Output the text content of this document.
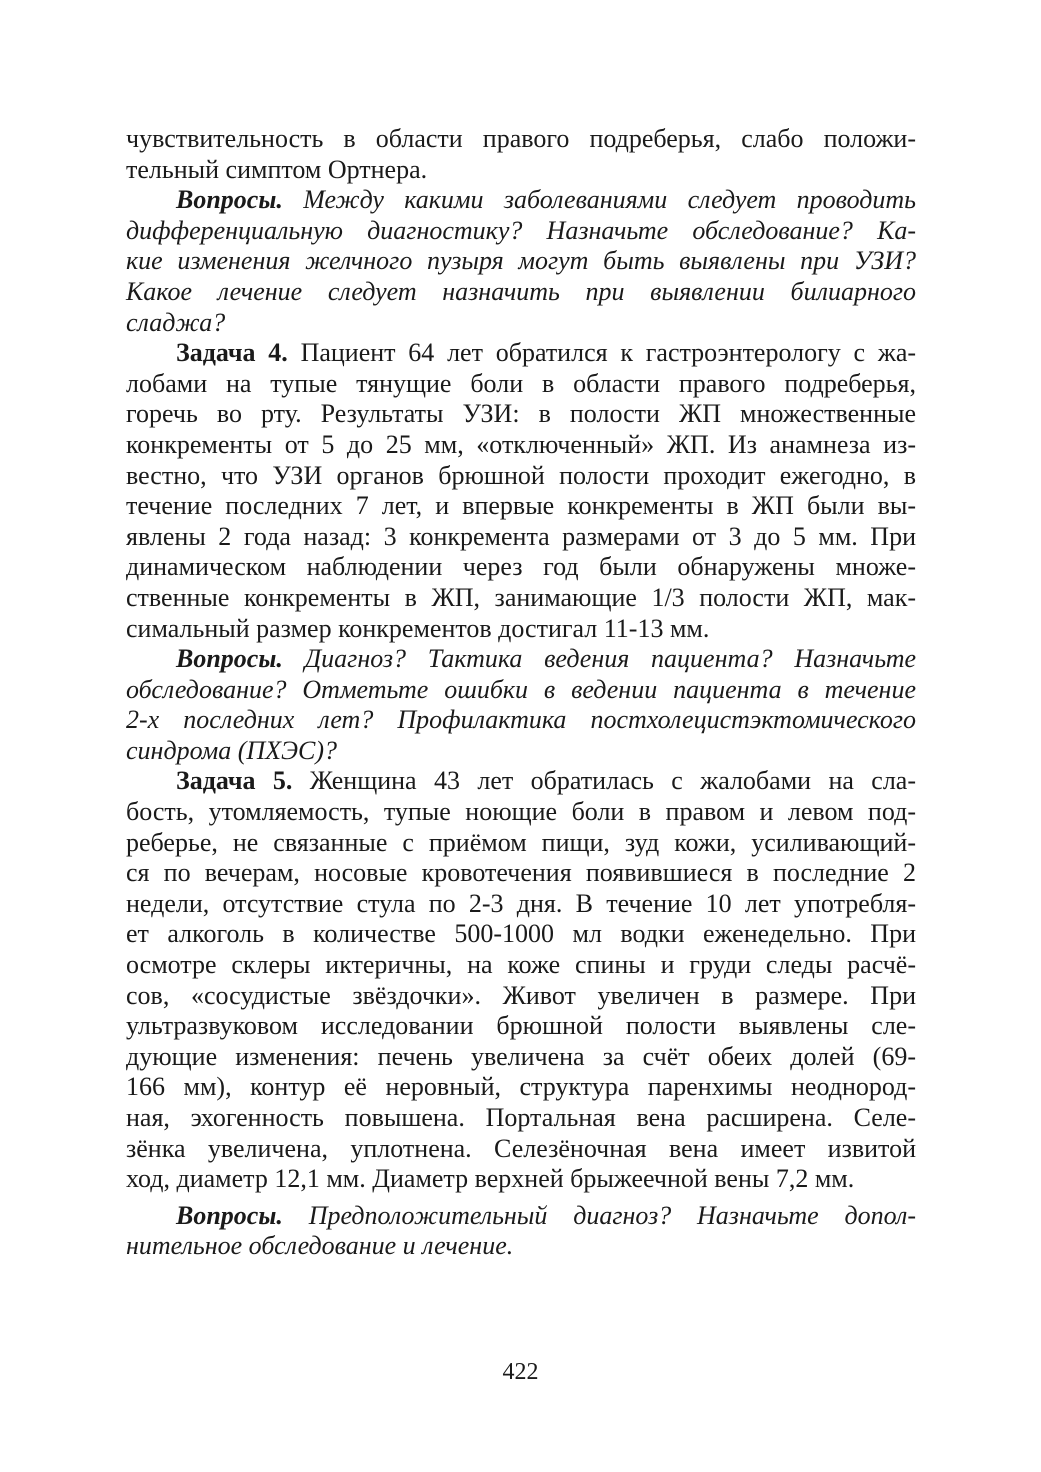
чувствительность в области правого подреберья, слабо положи-
тельный симптом Ортнера.
Вопросы. Между какими заболеваниями следует проводить
дифференциальную диагностику? Назначьте обследование? Ка-
кие изменения желчного пузыря могут быть выявлены при УЗИ?
Какое лечение следует назначить при выявлении билиарного
сладжа?
Задача 4. Пациент 64 лет обратился к гастроэнтерологу с жа-
лобами на тупые тянущие боли в области правого подреберья,
горечь во рту. Результаты УЗИ: в полости ЖП множественные
конкременты от 5 до 25 мм, «отключенный» ЖП. Из анамнеза из-
вестно, что УЗИ органов брюшной полости проходит ежегодно, в
течение последних 7 лет, и впервые конкременты в ЖП были вы-
явлены 2 года назад: 3 конкремента размерами от 3 до 5 мм. При
динамическом наблюдении через год были обнаружены множе-
ственные конкременты в ЖП, занимающие 1/3 полости ЖП, мак-
симальный размер конкрементов достигал 11-13 мм.
Вопросы. Диагноз? Тактика ведения пациента? Назначьте
обследование? Отметьте ошибки в ведении пациента в течение
2-х последних лет? Профилактика постхолецистэктомического
синдрома (ПХЭС)?
Задача 5. Женщина 43 лет обратилась с жалобами на сла-
бость, утомляемость, тупые ноющие боли в правом и левом под-
реберье, не связанные с приёмом пищи, зуд кожи, усиливающий-
ся по вечерам, носовые кровотечения появившиеся в последние 2
недели, отсутствие стула по 2-3 дня. В течение 10 лет употребля-
ет алкоголь в количестве 500-1000 мл водки еженедельно. При
осмотре склеры иктеричны, на коже спины и груди следы расчё-
сов, «сосудистые звёздочки». Живот увеличен в размере. При
ультразвуковом исследовании брюшной полости выявлены сле-
дующие изменения: печень увеличена за счёт обеих долей (69-
166 мм), контур её неровный, структура паренхимы неоднород-
ная, эхогенность повышена. Портальная вена расширена. Селе-
зёнка увеличена, уплотнена. Селезёночная вена имеет извитой
ход, диаметр 12,1 мм. Диаметр верхней брыжеечной вены 7,2 мм.
Вопросы. Предположительный диагноз? Назначьте допол-
нительное обследование и лечение.
422
